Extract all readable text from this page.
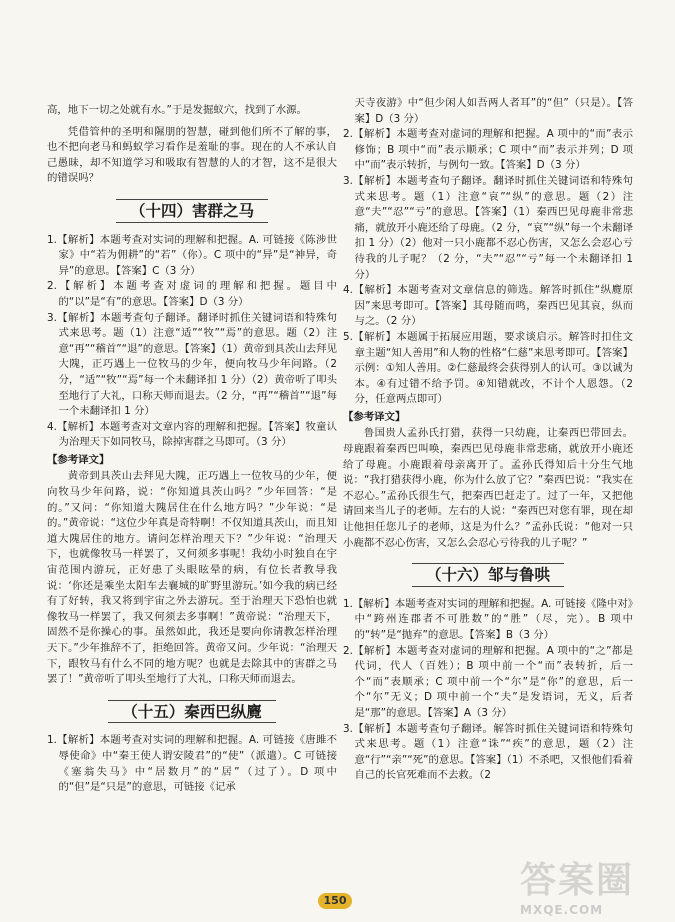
高，地下一切之处就有水。”于是发掘蚁穴，找到了水源。

凭借管仲的圣明和隰朋的智慧，碰到他们所不了解的事，也不把向老马和蚂蚁学习看作是羞耻的事。现在的人不承认自己愚昧，却不知道学习和吸取有智慧的人的才智，这不是很大的错误吗？

（十四）害群之马

1.【解析】本题考查对实词的理解和把握。A. 可链接《陈涉世家》中“若为佣耕”的“若”（你）。C 项中的“异”是“神异，奇异”的意思。【答案】C（3 分）

2.【解析】本题考查对虚词的理解和把握。题目中的“以”是“有”的意思。【答案】D（3 分）

3.【解析】本题考查句子翻译。翻译时抓住关键词语和特殊句式来思考。题（1）注意“适”“牧”“焉”的意思。题（2）注意“再”“稽首”“退”的意思。【答案】（1）黄帝到具茨山去拜见大隗，正巧遇上一位牧马的少年，便向牧马少年问路。（2 分，“适”“牧”“焉”每一个未翻译扣 1 分）（2）黄帝听了叩头至地行了大礼，口称天师而退去。（2 分，“再”“稽首”“退”每一个未翻译扣 1 分）

4.【解析】本题考查对文章内容的理解和把握。【答案】牧童认为治理天下如同牧马，除掉害群之马即可。（3 分）

【参考译文】

黄帝到具茨山去拜见大隗，正巧遇上一位牧马的少年，便向牧马少年问路，说：“你知道具茨山吗？”少年回答：“是的。”又问：“你知道大隗居住在什么地方吗？”少年说：“是的。”黄帝说：“这位少年真是奇特啊！不仅知道具茨山，而且知道大隗居住的地方。请问怎样治理天下？”少年说：“治理天下，也就像牧马一样罢了，又何须多事呢！我幼小时独自在宇宙范围内游玩，正好患了头眼眩晕的病，有位长者教导我说：‘你还是乘坐太阳车去襄城的旷野里游玩。’如今我的病已经有了好转，我又将到宇宙之外去游玩。至于治理天下恐怕也就像牧马一样罢了，我又何须去多事啊！”黄帝说：“治理天下，固然不是你操心的事。虽然如此，我还是要向你请教怎样治理天下。”少年推辞不了，拒绝回答。黄帝又问。少年说：“治理天下，跟牧马有什么不同的地方呢？也就是去除其中的害群之马罢了！”黄帝听了叩头至地行了大礼，口称天师而退去。

（十五）秦西巴纵麑

1.【解析】本题考查对实词的理解和把握。A. 可链接《唐雎不辱使命》中“秦王使人谓安陵君”的“使”（派遣）。C 可链接《塞翁失马》中“居数月”的“居”（过了）。D 项中的“但”是“只是”的意思，可链接《记承

天寺夜游》中“但少闲人如吾两人者耳”的“但”（只是）。【答案】D（3 分）

2.【解析】本题考查对虚词的理解和把握。A 项中的“而”表示修饰；B 项中“而”表示顺承；C 项中“而”表示并列；D 项中“而”表示转折，与例句一致。【答案】D（3 分）

3.【解析】本题考查句子翻译。翻译时抓住关键词语和特殊句式来思考。题（1）注意“哀”“纵”的意思。题（2）注意“夫”“忍”“亏”的意思。【答案】（1）秦西巴见母鹿非常悲痛，就放开小鹿还给了母鹿。（2 分，“哀”“纵”每一个未翻译扣 1 分）（2）他对一只小鹿都不忍心伤害，又怎么会忍心亏待我的儿子呢？（2 分，“夫”“忍”“亏”每一个未翻译扣 1 分）

4.【解析】本题考查对文章信息的筛选。解答时抓住“纵麑原因”来思考即可。【答案】其母随而鸣，秦西巴见其哀，纵而与之。（2 分）

5.【解析】本题属于拓展应用题，要求谈启示。解答时扣住文章主题“知人善用”和人物的性格“仁慈”来思考即可。【答案】示例：①知人善用。②仁慈最终会获得别人的认可。③以诚为本。④有过错不给予罚。④知错就改，不计个人恩怨。（2 分，任意两点即可）

【参考译文】

鲁国贵人孟孙氏打猎，获得一只幼鹿，让秦西巴带回去。母鹿跟着秦西巴叫唤，秦西巴见母鹿非常悲痛，就放开小鹿还给了母鹿。小鹿跟着母亲离开了。孟孙氏得知后十分生气地说：“我打猎获得小鹿，你为什么放了它？”秦西巴说：“我实在不忍心。”孟孙氏很生气，把秦西巴赶走了。过了一年，又把他请回来当儿子的老师。左右的人说：“秦西巴对您有罪，现在却让他担任您儿子的老师，这是为什么？”孟孙氏说：“他对一只小鹿都不忍心伤害，又怎么会忍心亏待我的儿子呢？”

（十六）邹与鲁哄

1.【解析】本题考查对实词的理解和把握。A. 可链接《隆中对》中“跨州连郡者不可胜数”的“胜”（尽，完）。B 项中的“转”是“抛弃”的意思。【答案】B（3 分）

2.【解析】本题考查对虚词的理解和把握。A 项中的“之”都是代词，代人（百姓）；B 项中前一个“而”表转折，后一个“而”表顺承；C 项中前一个“尔”是“你”的意思，后一个“尔”无义；D 项中前一个“夫”是发语词，无义，后者是“那”的意思。【答案】A（3 分）

3.【解析】本题考查句子翻译。解答时抓住关键词语和特殊句式来思考。题（1）注意“诛”“疾”的意思，题（2）注意“行”“亲”“死”的意思。【答案】（1）不杀吧，又恨他们看着自己的长官死难而不去救。（2

150	答案圈
MXQE.COM
